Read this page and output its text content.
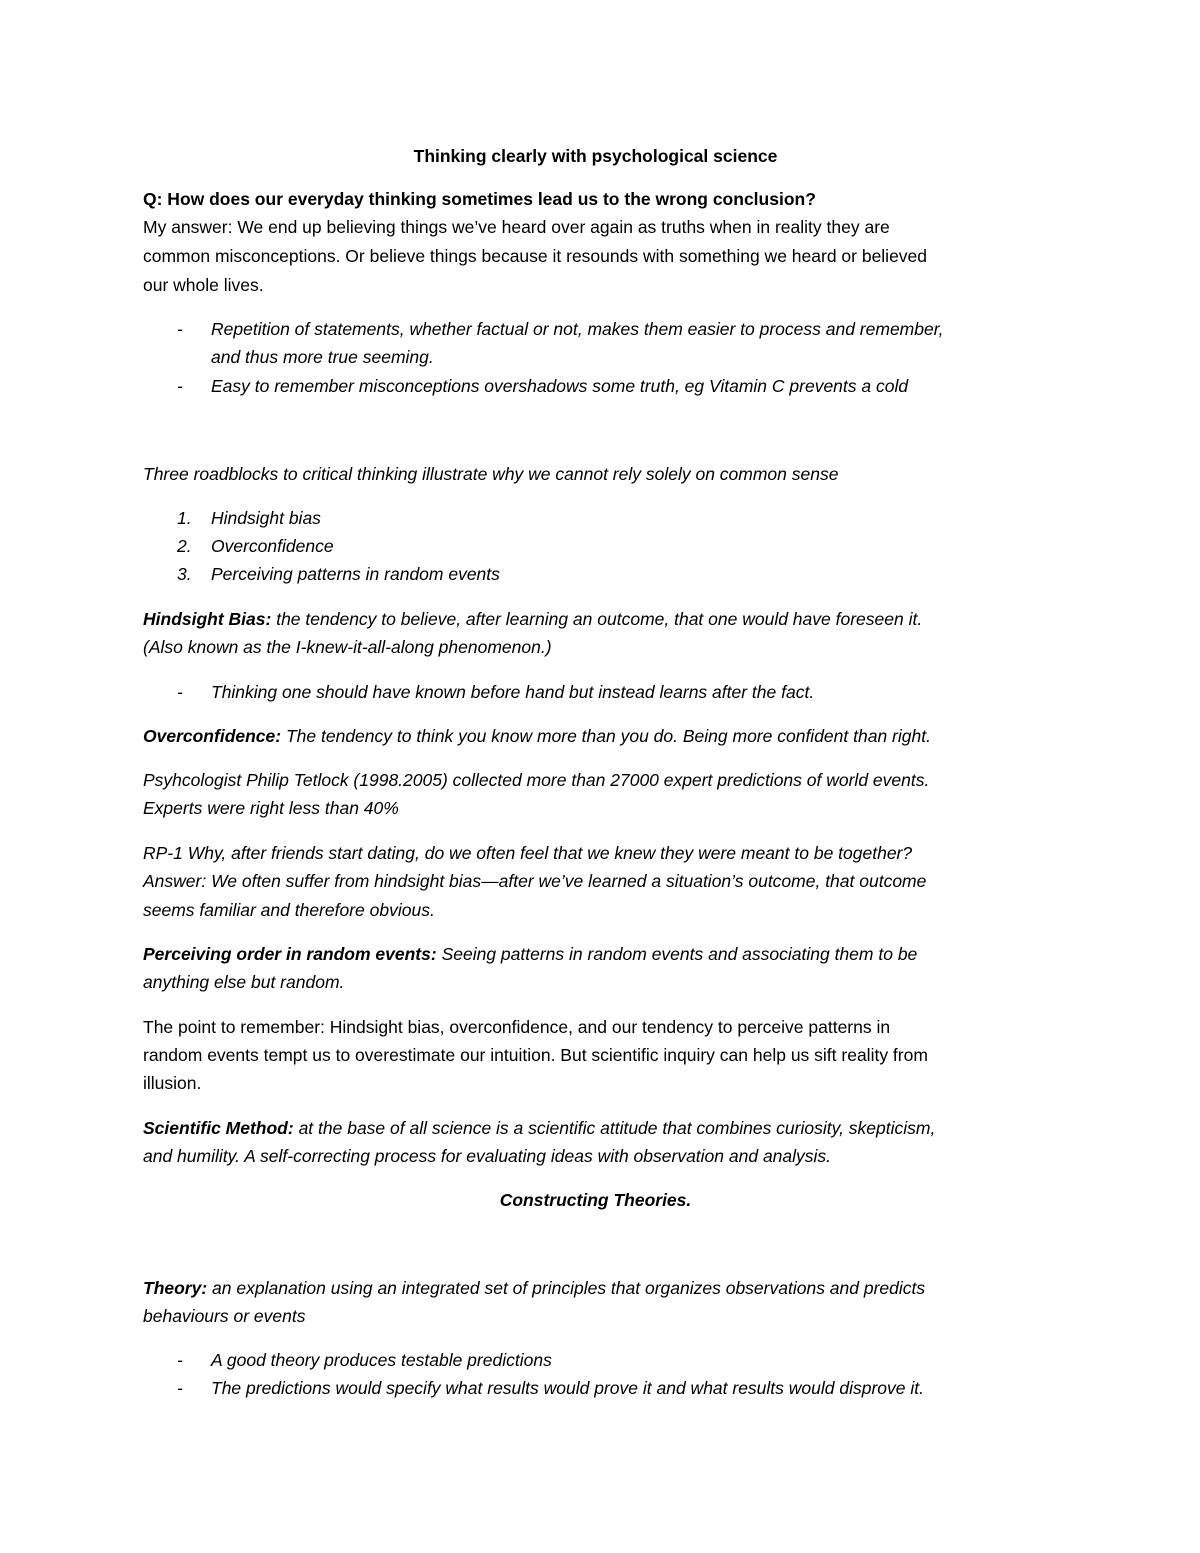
Thinking clearly with psychological science
Q: How does our everyday thinking sometimes lead us to the wrong conclusion?
My answer: We end up believing things we’ve heard over again as truths when in reality they are
common misconceptions. Or believe things because it resounds with something we heard or believed
our whole lives.
- Repetition of statements, whether factual or not, makes them easier to process and remember,
and thus more true seeming.
- Easy to remember misconceptions overshadows some truth, eg Vitamin C prevents a cold
Three roadblocks to critical thinking illustrate why we cannot rely solely on common sense
1. Hindsight bias
2. Overconfidence
3. Perceiving patterns in random events
Hindsight Bias: the tendency to believe, after learning an outcome, that one would have foreseen it.
(Also known as the I-knew-it-all-along phenomenon.)
- Thinking one should have known before hand but instead learns after the fact.
Overconfidence: The tendency to think you know more than you do. Being more confident than right.
Psyhcologist Philip Tetlock (1998.2005) collected more than 27000 expert predictions of world events.
Experts were right less than 40%
RP-1 Why, after friends start dating, do we often feel that we knew they were meant to be together?
Answer: We often suffer from hindsight bias—after we’ve learned a situation’s outcome, that outcome
seems familiar and therefore obvious.
Perceiving order in random events: Seeing patterns in random events and associating them to be
anything else but random.
The point to remember: Hindsight bias, overconfidence, and our tendency to perceive patterns in
random events tempt us to overestimate our intuition. But scientific inquiry can help us sift reality from
illusion.
Scientific Method: at the base of all science is a scientific attitude that combines curiosity, skepticism,
and humility. A self-correcting process for evaluating ideas with observation and analysis.
Constructing Theories.
Theory: an explanation using an integrated set of principles that organizes observations and predicts
behaviours or events
- A good theory produces testable predictions
- The predictions would specify what results would prove it and what results would disprove it.
